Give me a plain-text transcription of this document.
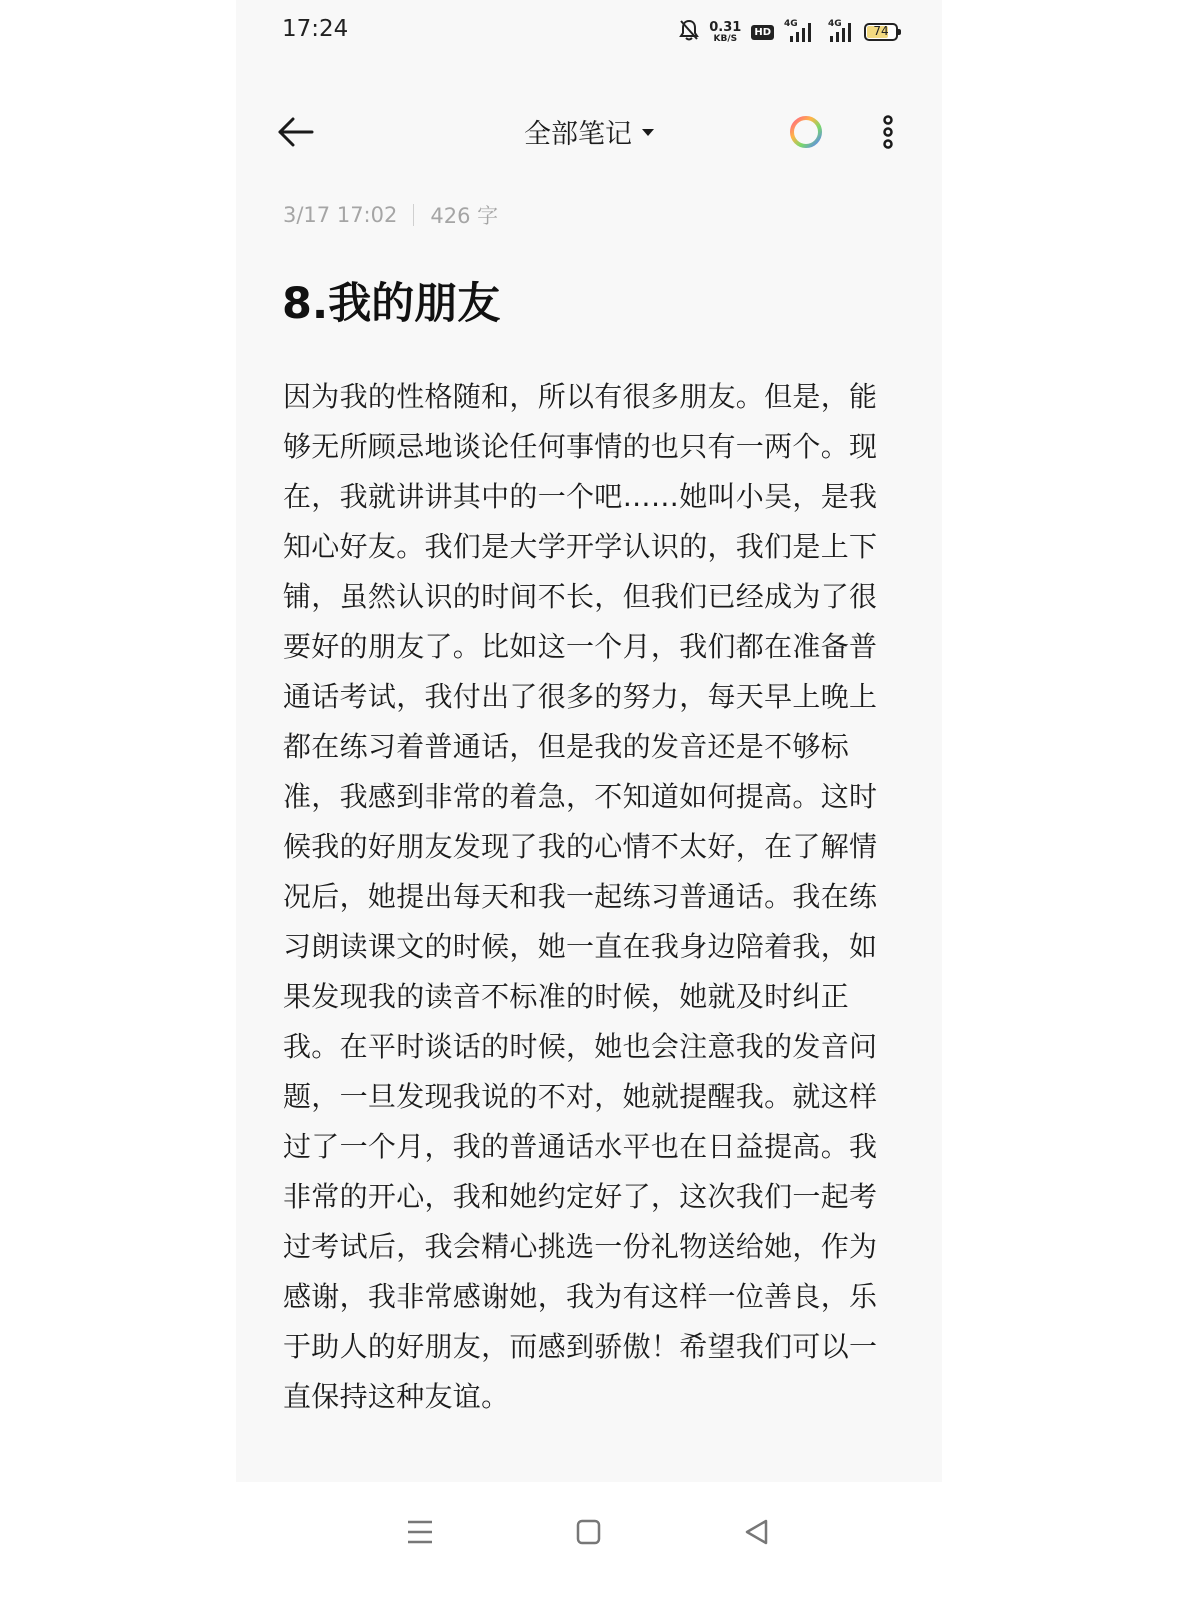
17:24	0.31
KB/S
HD
4G	4G	74
全部笔记
3/17 17:02 426 字
8.我的朋友

因为我的性格随和，所以有很多朋友。但是，能够无所顾忌地谈论任何事情的也只有一两个。现在，我就讲讲其中的一个吧……她叫小吴，是我知心好友。我们是大学开学认识的，我们是上下铺，虽然认识的时间不长，但我们已经成为了很要好的朋友了。比如这一个月，我们都在准备普通话考试，我付出了很多的努力，每天早上晚上都在练习着普通话，但是我的发音还是不够标准，我感到非常的着急，不知道如何提高。这时候我的好朋友发现了我的心情不太好，在了解情况后，她提出每天和我一起练习普通话。我在练习朗读课文的时候，她一直在我身边陪着我，如果发现我的读音不标准的时候，她就及时纠正我。在平时谈话的时候，她也会注意我的发音问题，一旦发现我说的不对，她就提醒我。就这样过了一个月，我的普通话水平也在日益提高。我非常的开心，我和她约定好了，这次我们一起考过考试后，我会精心挑选一份礼物送给她，作为感谢，我非常感谢她，我为有这样一位善良，乐于助人的好朋友，而感到骄傲！希望我们可以一直保持这种友谊。
